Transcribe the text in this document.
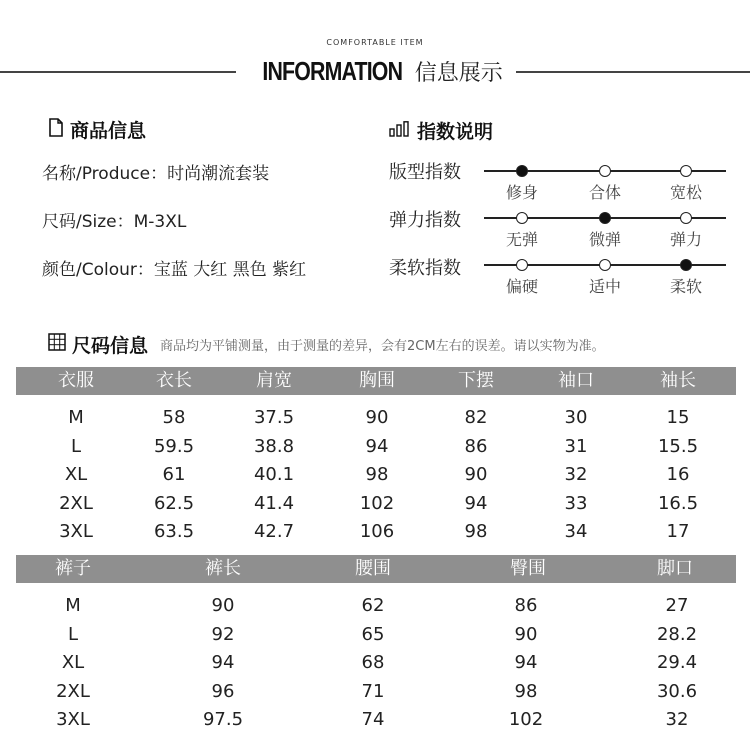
COMFORTABLE ITEM
INFORMATION 信息展示
商品信息
名称/Produce：时尚潮流套装
尺码/Size：M-3XL
颜色/Colour：宝蓝 大红 黑色 紫红
指数说明
版型指数
修身	合体	宽松
弹力指数
无弹	微弹	弹力
柔软指数
偏硬	适中	柔软
尺码信息 商品均为平铺测量，由于测量的差异，会有2CM左右的误差。请以实物为准。
衣服	衣长	肩宽	胸围	下摆	袖口	袖长
M	58	37.5	90	82	30	15
L	59.5	38.8	94	86	31	15.5
XL	61	40.1	98	90	32	16
2XL	62.5	41.4	102	94	33	16.5
3XL	63.5	42.7	106	98	34	17
裤子	裤长	腰围	臀围	脚口
M	90	62	86	27
L	92	65	90	28.2
XL	94	68	94	29.4
2XL	96	71	98	30.6
3XL	97.5	74	102	32
